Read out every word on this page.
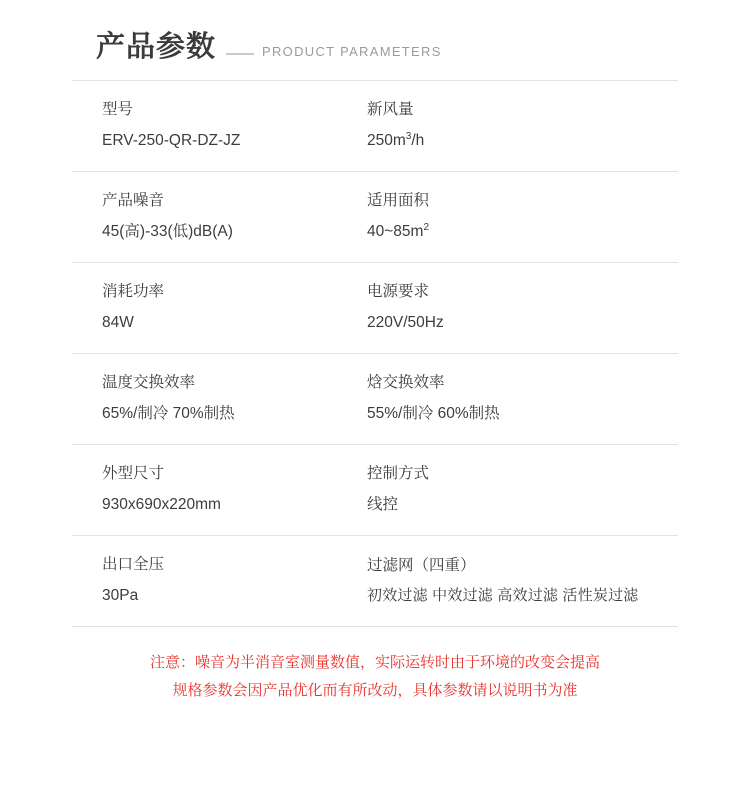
产品参数	PRODUCT PARAMETERS
型号
ERV-250-QR-DZ-JZ
新风量
$250m^3/h$
产品噪音
45(高)-33(低)dB(A)
适用面积
$40\sim 85m^2$
消耗功率
84W
电源要求
220V/50Hz
温度交换效率
65%/制冷 70%制热
焓交换效率
55%/制冷 60%制热
外型尺寸
930x690x220mm
控制方式
线控
出口全压
30Pa
过滤网（四重）
初效过滤 中效过滤 高效过滤 活性炭过滤
注意：噪音为半消音室测量数值，实际运转时由于环境的改变会提高
规格参数会因产品优化而有所改动，具体参数请以说明书为准
